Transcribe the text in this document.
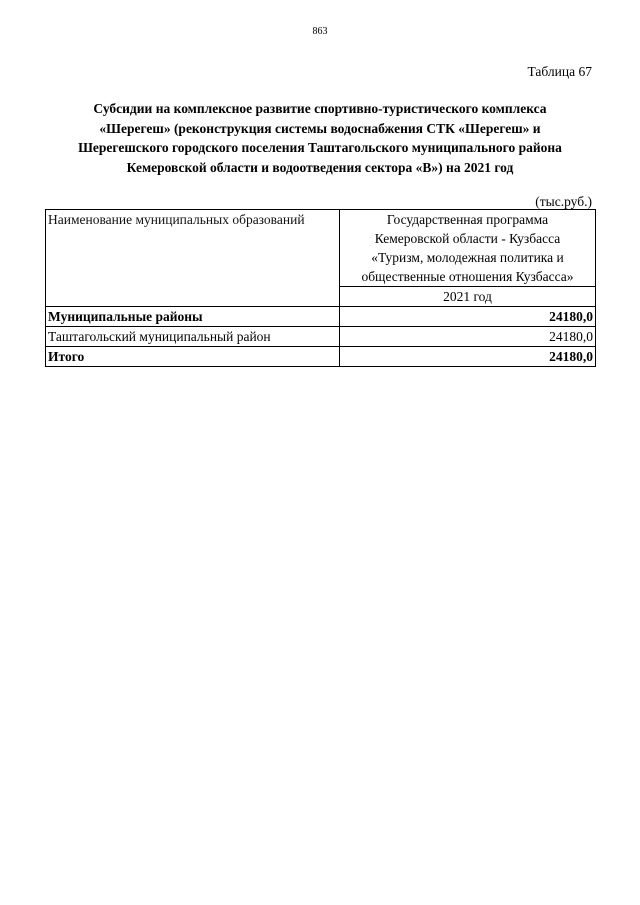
863
Таблица 67
Субсидии на комплексное развитие спортивно-туристического комплекса
«Шерегеш» (реконструкция системы водоснабжения СТК «Шерегеш» и
Шерегешского городского поселения Таштагольского муниципального района
Кемеровской области и водоотведения сектора «В») на 2021 год
(тыс.руб.)
Наименование муниципальных образований	Государственная программа
Кемеровской области - Кузбасса
«Туризм, молодежная политика и
общественные отношения Кузбасса»

	2021 год
Муниципальные районы	24180,0
Таштагольский муниципальный район	24180,0
Итого	24180,0
